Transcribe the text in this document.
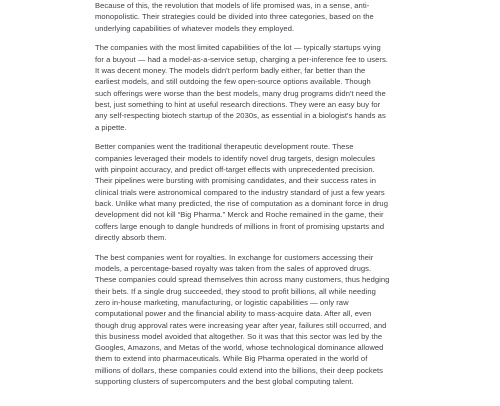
Because of this, the revolution that models of life promised was, in a sense, anti-
monopolistic. Their strategies could be divided into three categories, based on the
underlying capabilities of whatever models they employed.

The companies with the most limited capabilities of the lot — typically startups vying
for a buyout — had a model-as-a-service setup, charging a per-inference fee to users.
It was decent money. The models didn't perform badly either, far better than the
earliest models, and still outdoing the few open-source options available. Though
such offerings were worse than the best models, many drug programs didn't need the
best, just something to hint at useful research directions. They were an easy buy for
any self-respecting biotech startup of the 2030s, as essential in a biologist's hands as
a pipette.

Better companies went the traditional therapeutic development route. These
companies leveraged their models to identify novel drug targets, design molecules
with pinpoint accuracy, and predict off-target effects with unprecedented precision.
Their pipelines were bursting with promising candidates, and their success rates in
clinical trials were astronomical compared to the industry standard of just a few years
back. Unlike what many predicted, the rise of computation as a dominant force in drug
development did not kill “Big Pharma.” Merck and Roche remained in the game, their
coffers large enough to dangle hundreds of millions in front of promising upstarts and
directly absorb them.

The best companies went for royalties. In exchange for customers accessing their
models, a percentage-based royalty was taken from the sales of approved drugs.
These companies could spread themselves thin across many customers, thus hedging
their bets. If a single drug succeeded, they stood to profit billions, all while needing
zero in-house marketing, manufacturing, or logistic capabilities — only raw
computational power and the financial ability to mass-acquire data. After all, even
though drug approval rates were increasing year after year, failures still occurred, and
this business model avoided that altogether. So it was that this sector was led by the
Googles, Amazons, and Metas of the world, whose technological dominance allowed
them to extend into pharmaceuticals. While Big Pharma operated in the world of
millions of dollars, these companies could extend into the billions, their deep pockets
supporting clusters of supercomputers and the best global computing talent.
